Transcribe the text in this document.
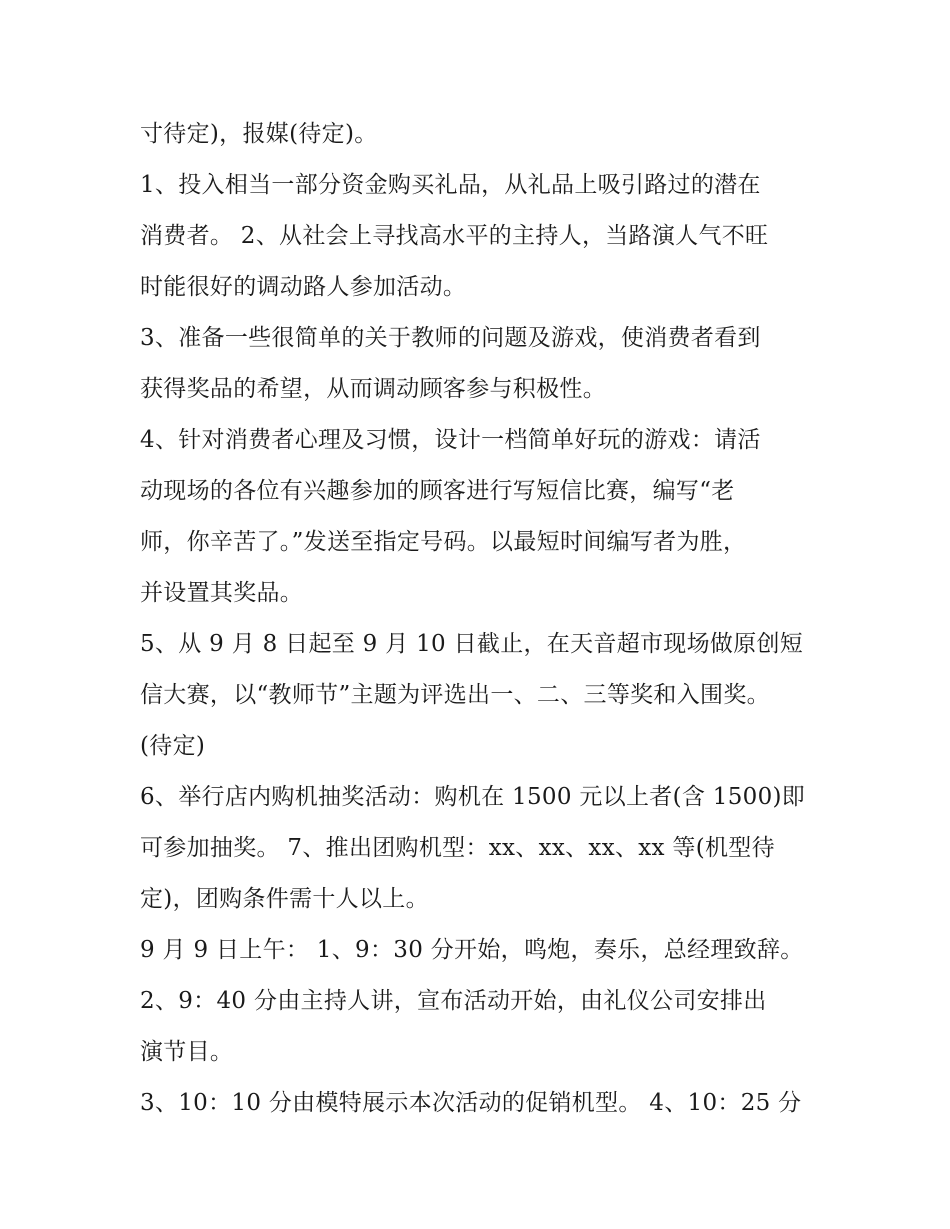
寸待定)，报媒(待定)。
1、投入相当一部分资金购买礼品，从礼品上吸引路过的潜在
消费者。 2、从社会上寻找高水平的主持人，当路演人气不旺
时能很好的调动路人参加活动。
3、准备一些很简单的关于教师的问题及游戏，使消费者看到
获得奖品的希望，从而调动顾客参与积极性。
4、针对消费者心理及习惯，设计一档简单好玩的游戏：请活
动现场的各位有兴趣参加的顾客进行写短信比赛，编写“老
师，你辛苦了。”发送至指定号码。以最短时间编写者为胜，
并设置其奖品。
5、从 9 月 8 日起至 9 月 10 日截止，在天音超市现场做原创短
信大赛，以“教师节”主题为评选出一、二、三等奖和入围奖。
(待定)
6、举行店内购机抽奖活动：购机在 1500 元以上者(含 1500)即
可参加抽奖。 7、推出团购机型：xx、xx、xx、xx 等(机型待
定)，团购条件需十人以上。
9 月 9 日上午： 1、9：30 分开始，鸣炮，奏乐，总经理致辞。
2、9：40 分由主持人讲，宣布活动开始，由礼仪公司安排出
演节目。
3、10：10 分由模特展示本次活动的促销机型。 4、10：25 分
